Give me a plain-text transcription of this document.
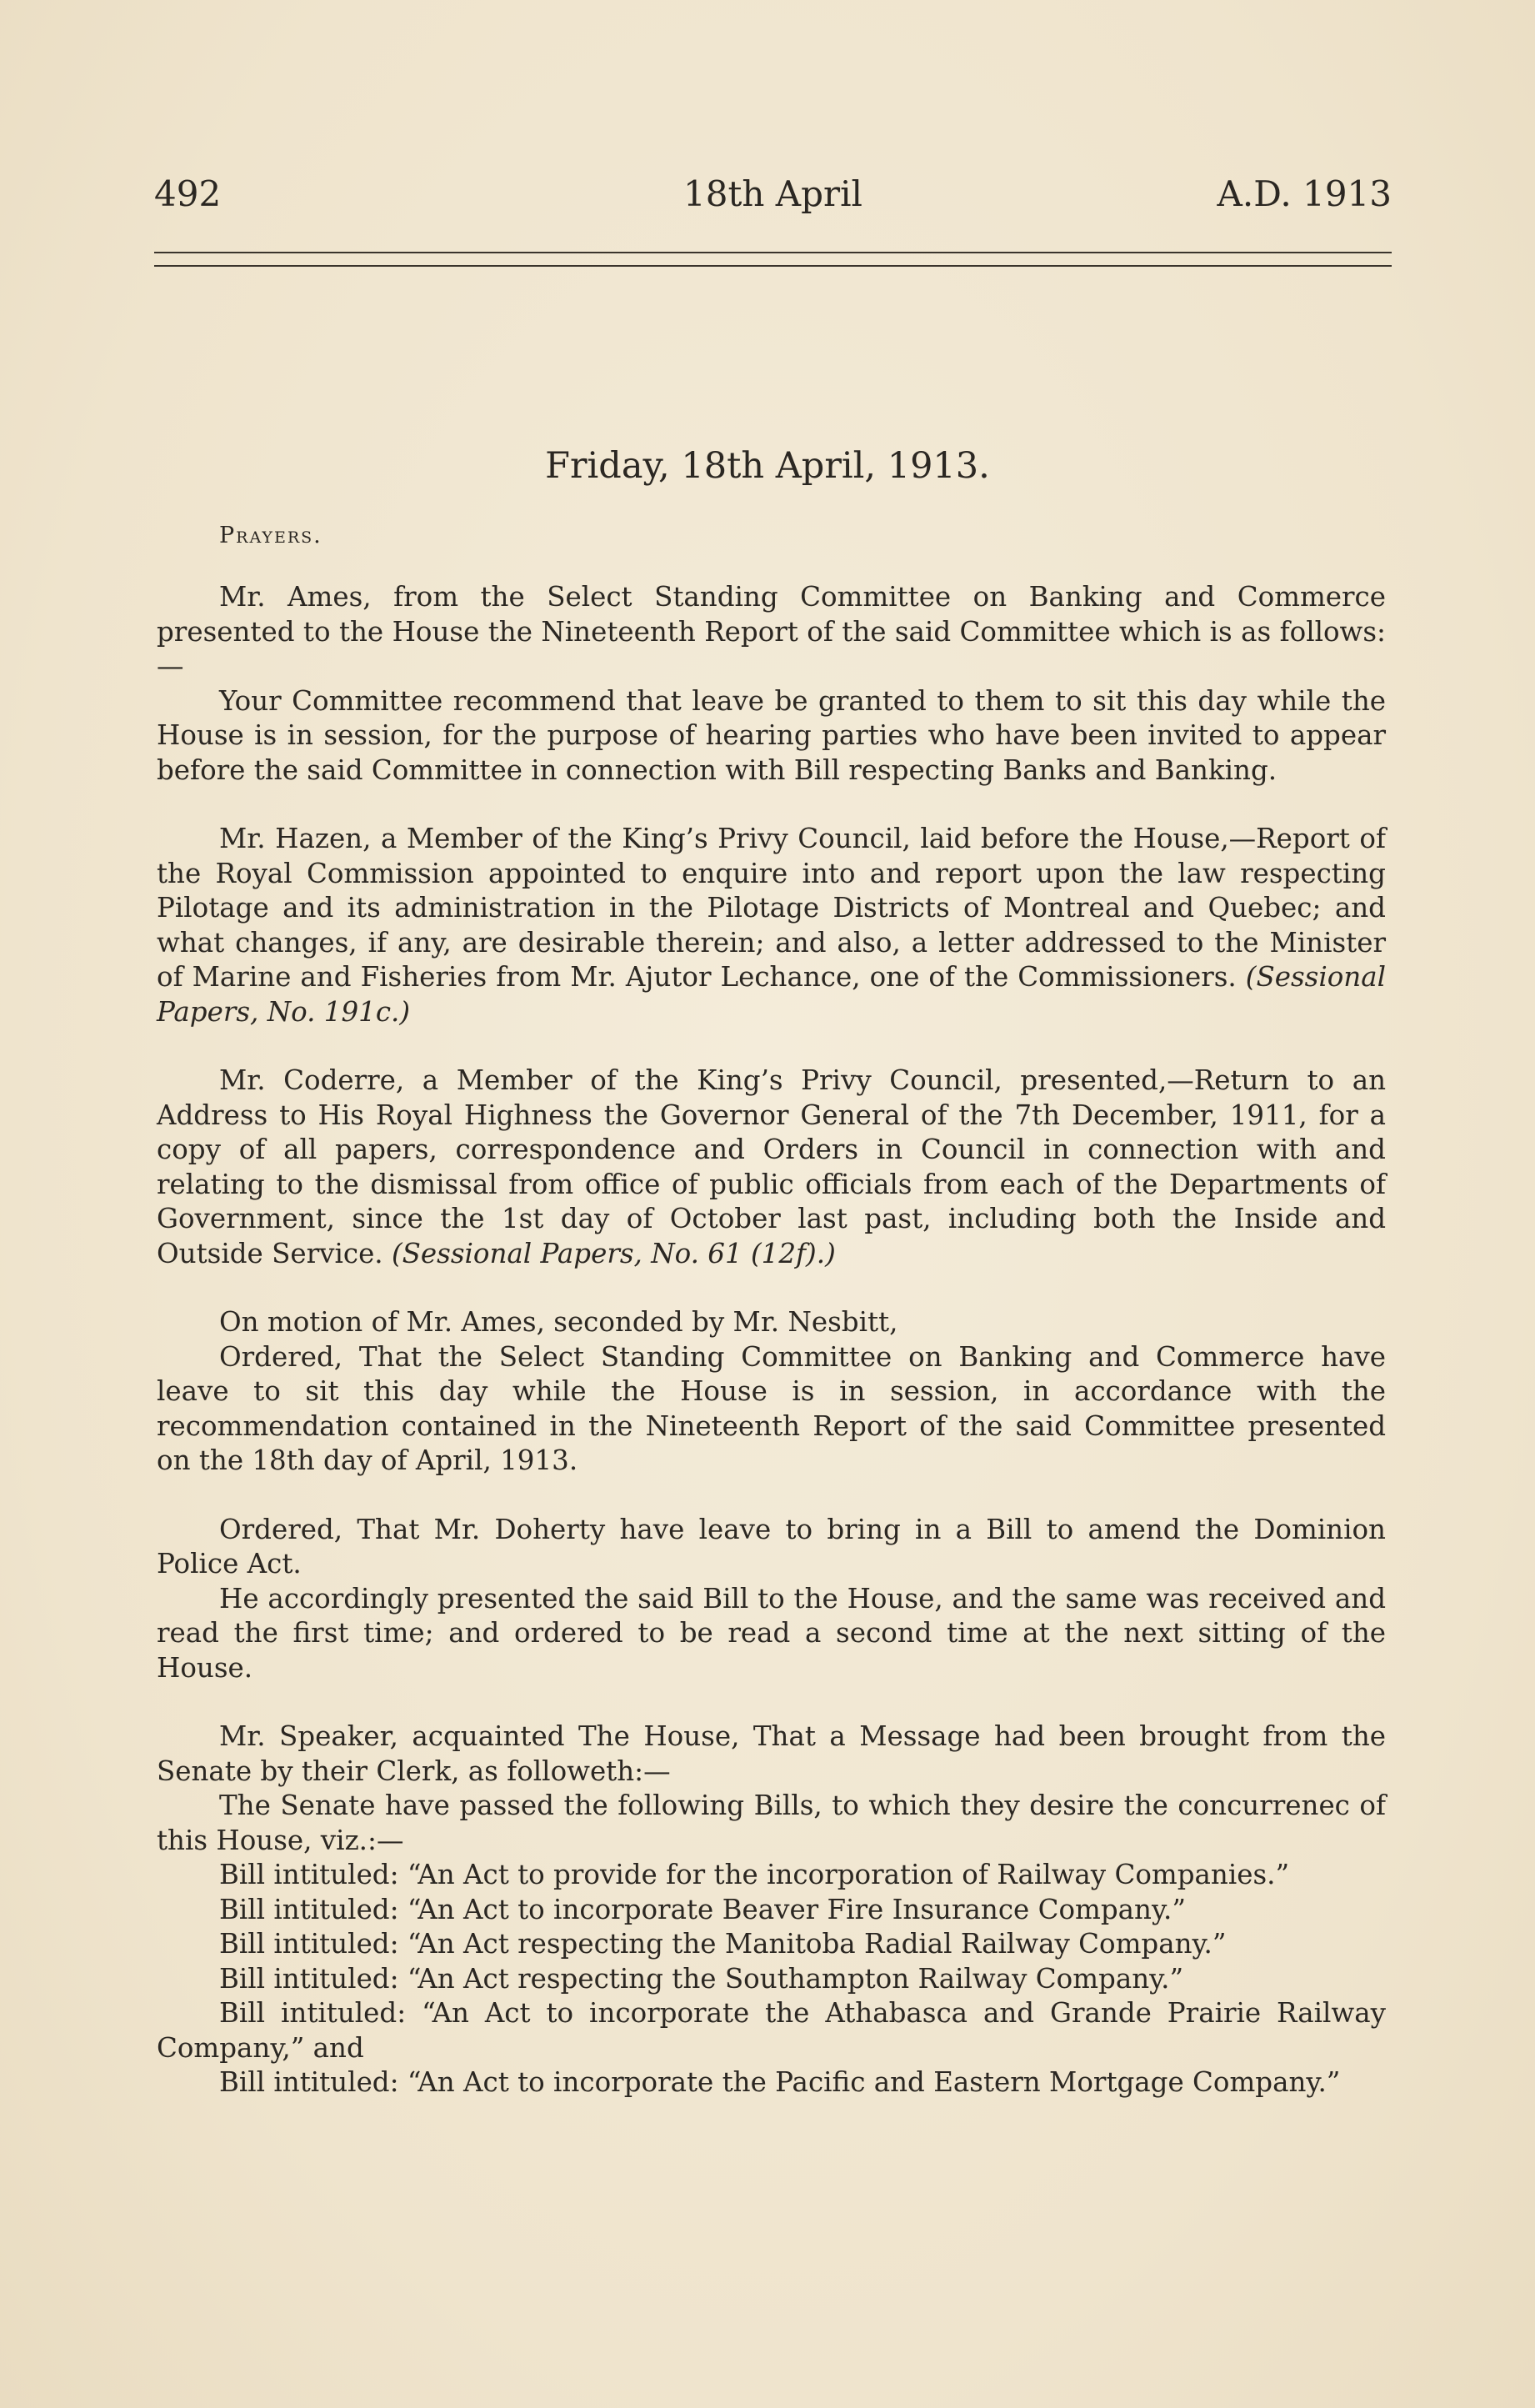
492	18th April	A.D. 1913
Friday, 18th April, 1913.
Prayers.

Mr. Ames, from the Select Standing Committee on Banking and Commerce presented to the House the Nineteenth Report of the said Committee which is as follows:—

Your Committee recommend that leave be granted to them to sit this day while the House is in session, for the purpose of hearing parties who have been invited to appear before the said Committee in connection with Bill respecting Banks and Banking.

Mr. Hazen, a Member of the King’s Privy Council, laid before the House,—Report of the Royal Commission appointed to enquire into and report upon the law respecting Pilotage and its administration in the Pilotage Districts of Montreal and Quebec; and what changes, if any, are desirable therein; and also, a letter addressed to the Minister of Marine and Fisheries from Mr. Ajutor Lechance, one of the Commissioners. (Sessional Papers, No. 191c.)

Mr. Coderre, a Member of the King’s Privy Council, presented,—Return to an Address to His Royal Highness the Governor General of the 7th December, 1911, for a copy of all papers, correspondence and Orders in Council in connection with and relating to the dismissal from office of public officials from each of the Departments of Government, since the 1st day of October last past, including both the Inside and Outside Service. (Sessional Papers, No. 61 (12f).)

On motion of Mr. Ames, seconded by Mr. Nesbitt,

Ordered, That the Select Standing Committee on Banking and Commerce have leave to sit this day while the House is in session, in accordance with the recommendation contained in the Nineteenth Report of the said Committee presented on the 18th day of April, 1913.

Ordered, That Mr. Doherty have leave to bring in a Bill to amend the Dominion Police Act.

He accordingly presented the said Bill to the House, and the same was received and read the first time; and ordered to be read a second time at the next sitting of the House.

Mr. Speaker, acquainted The House, That a Message had been brought from the Senate by their Clerk, as followeth:—

The Senate have passed the following Bills, to which they desire the concurrenec of this House, viz.:—

Bill intituled: “An Act to provide for the incorporation of Railway Companies.”

Bill intituled: “An Act to incorporate Beaver Fire Insurance Company.”

Bill intituled: “An Act respecting the Manitoba Radial Railway Company.”

Bill intituled: “An Act respecting the Southampton Railway Company.”

Bill intituled: “An Act to incorporate the Athabasca and Grande Prairie Railway Company,” and

Bill intituled: “An Act to incorporate the Pacific and Eastern Mortgage Company.”
